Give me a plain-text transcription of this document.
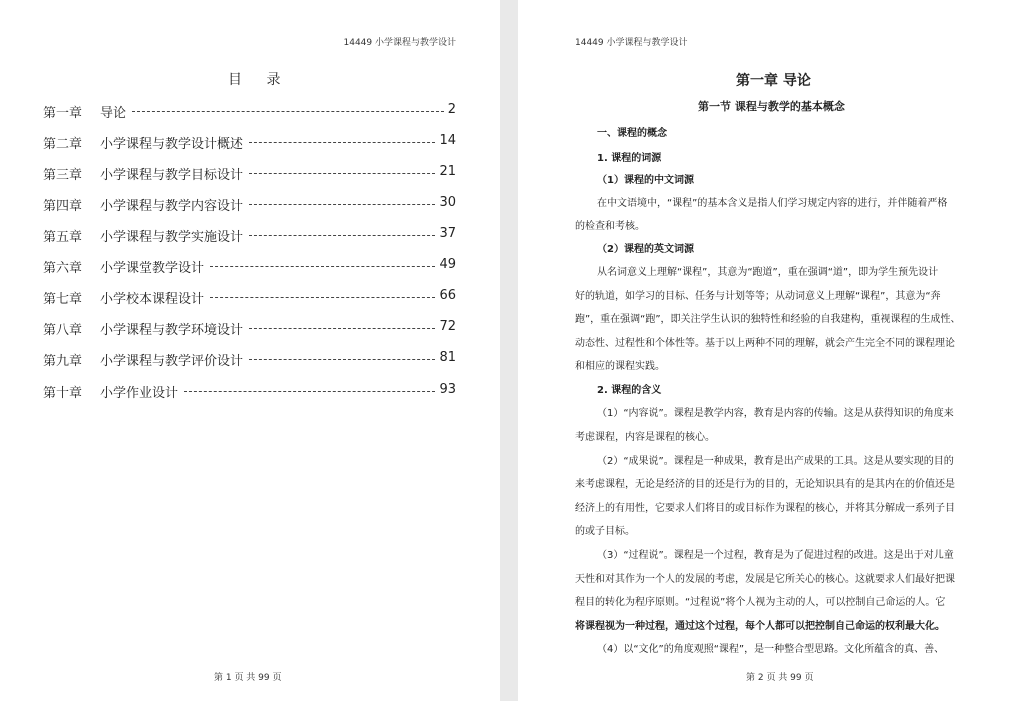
14449 小学课程与教学设计
目 录
第一章 导论	2
第二章 小学课程与教学设计概述	14
第三章 小学课程与教学目标设计	21
第四章 小学课程与教学内容设计	30
第五章 小学课程与教学实施设计	37
第六章 小学课堂教学设计	49
第七章 小学校本课程设计	66
第八章 小学课程与教学环境设计	72
第九章 小学课程与教学评价设计	81
第十章 小学作业设计	93
第 1 页 共 99 页
14449 小学课程与教学设计
第一章 导论
第一节 课程与教学的基本概念
一、课程的概念
1. 课程的词源
（1）课程的中文词源
在中文语境中，“课程”的基本含义是指人们学习规定内容的进行，并伴随着严格
的检查和考核。
（2）课程的英文词源
从名词意义上理解“课程”，其意为“跑道”，重在强调“道”，即为学生预先设计
好的轨道，如学习的目标、任务与计划等等；从动词意义上理解“课程”，其意为“奔
跑”，重在强调“跑”，即关注学生认识的独特性和经验的自我建构，重视课程的生成性、
动态性、过程性和个体性等。基于以上两种不同的理解，就会产生完全不同的课程理论
和相应的课程实践。
2. 课程的含义
（1）“内容说”。课程是教学内容，教育是内容的传输。这是从获得知识的角度来
考虑课程，内容是课程的核心。
（2）“成果说”。课程是一种成果，教育是出产成果的工具。这是从要实现的目的
来考虑课程，无论是经济的目的还是行为的目的，无论知识具有的是其内在的价值还是
经济上的有用性，它要求人们将目的或目标作为课程的核心，并将其分解成一系列子目
的或子目标。
（3）“过程说”。课程是一个过程，教育是为了促进过程的改进。这是出于对儿童
天性和对其作为一个人的发展的考虑，发展是它所关心的核心。这就要求人们最好把课
程目的转化为程序原则。“过程说”将个人视为主动的人，可以控制自己命运的人。它
将课程视为一种过程，通过这个过程，每个人都可以把控制自己命运的权利最大化。
（4）以“文化”的角度观照“课程”，是一种整合型思路。文化所蕴含的真、善、
第 2 页 共 99 页
